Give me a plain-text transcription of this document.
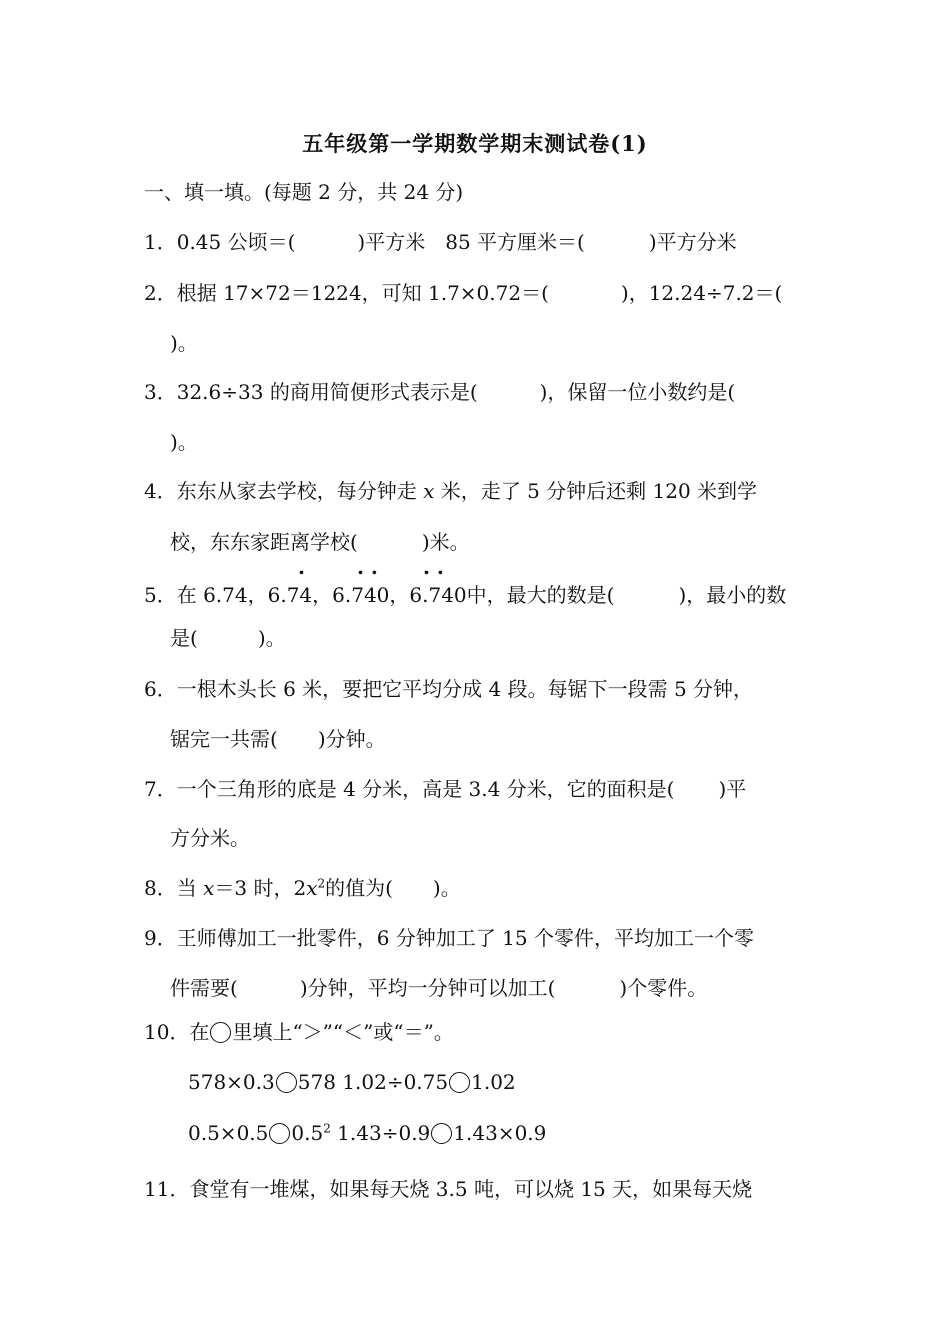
五年级第一学期数学期末测试卷(1)
一、填一填。(每题 2 分，共 24 分)
1．0.45 公顷＝(	)平方米　85 平方厘米＝(	)平方分米
2．根据 17×72＝1224，可知 1.7×0.72＝(	)，12.24÷7.2＝(
)。
3．32.6÷33 的商用简便形式表示是(	)，保留一位小数约是(
)。
4．东东从家去学校，每分钟走 x 米，走了 5 分钟后还剩 120 米到学
校，东东家距离学校(	)米。
.	. . . .
5．在 6.74，6.74，6.740，6.740中，最大的数是(	)，最小的数
是(	)。
6．一根木头长 6 米，要把它平均分成 4 段。每锯下一段需 5 分钟，
锯完一共需( )分钟。
7．一个三角形的底是 4 分米，高是 3.4 分米，它的面积是( )平
方分米。
8．当 x＝3 时，$2x^2$的值为( )。
9．王师傅加工一批零件，6 分钟加工了 15 个零件，平均加工一个零
件需要(	)分钟，平均一分钟可以加工(	)个零件。
10．在 里填上“＞”“＜”或“＝”。
578×0.3 578 1.02÷0.75 1.02
0.5×0.5 $0.5^2$ 1.43÷0.9 1.43×0.9
11．食堂有一堆煤，如果每天烧 3.5 吨，可以烧 15 天，如果每天烧
